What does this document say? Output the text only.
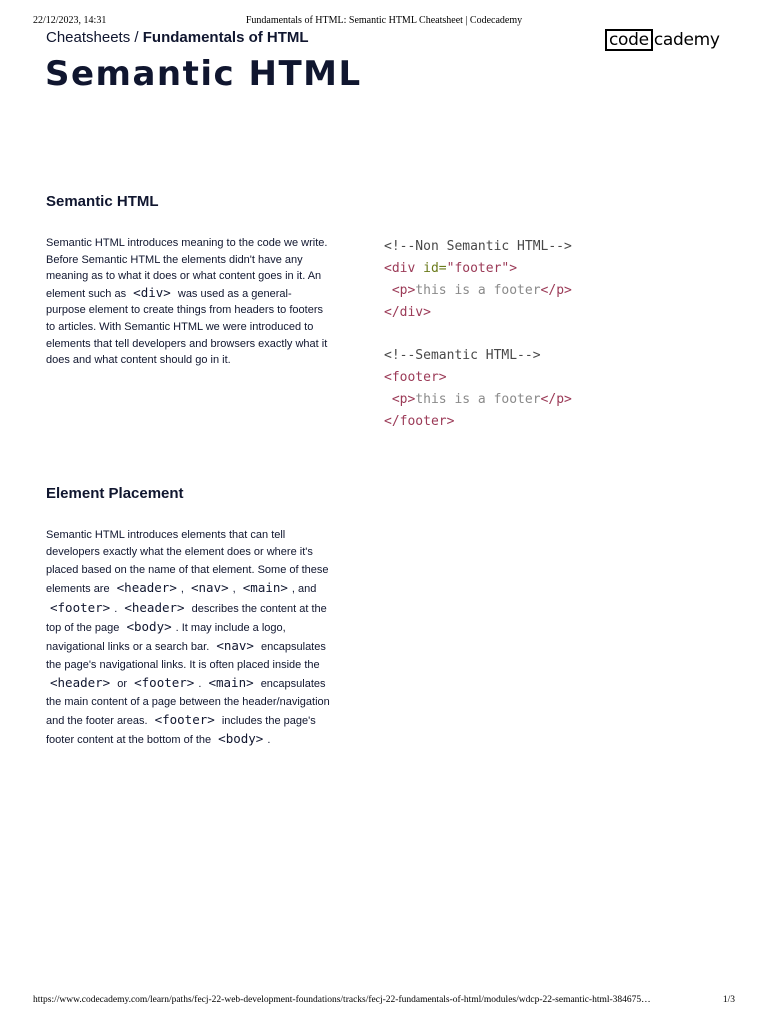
22/12/2023, 14:31	Fundamentals of HTML: Semantic HTML Cheatsheet | Codecademy
Cheatsheets / Fundamentals of HTML	code cademy
Semantic HTML
Semantic HTML
Semantic HTML introduces meaning to the code we write. Before Semantic HTML the elements didn't have any meaning as to what it does or what content goes in it. An element such as <div> was used as a general-purpose element to create things from headers to footers to articles. With Semantic HTML we were introduced to elements that tell developers and browsers exactly what it does and what content should go in it.
<!--Non Semantic HTML-->
<div id="footer">
<p>this is a footer</p>
</div>
<!--Semantic HTML-->
<footer>
<p>this is a footer</p>
</footer>
Element Placement
Semantic HTML introduces elements that can tell developers exactly what the element does or where it's placed based on the name of that element. Some of these elements are <header> , <nav> , <main> , and <footer> . <header> describes the content at the top of the page <body> . It may include a logo, navigational links or a search bar. <nav> encapsulates the page's navigational links. It is often placed inside the <header> or <footer> . <main> encapsulates the main content of a page between the header/navigation and the footer areas. <footer> includes the page's footer content at the bottom of the <body> .
https://www.codecademy.com/learn/paths/fecj-22-web-development-foundations/tracks/fecj-22-fundamentals-of-html/modules/wdcp-22-semantic-html-384675…	1/3
